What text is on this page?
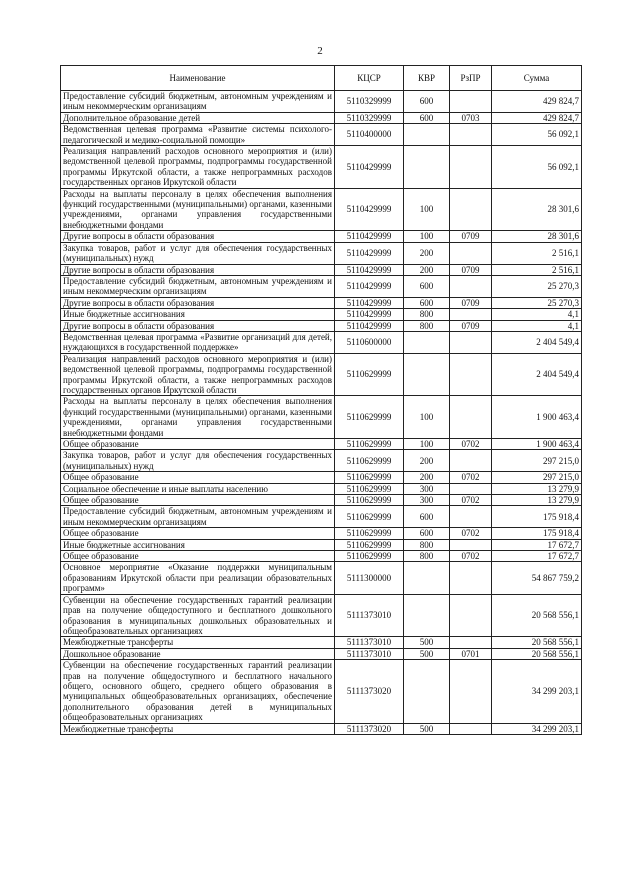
2
Наименование	КЦСР	КВР	РзПР	Сумма
Предоставление субсидий бюджетным, автономным учреждениям и иным некоммерческим организациям	5110329999	600		429 824,7
Дополнительное образование детей	5110329999	600	0703	429 824,7
Ведомственная целевая программа «Развитие системы психолого-педагогической и медико-социальной помощи»	5110400000			56 092,1
Реализация направлений расходов основного мероприятия и (или) ведомственной целевой программы, подпрограммы государственной программы Иркутской области, а также непрограммных расходов государственных органов Иркутской области	5110429999			56 092,1
Расходы на выплаты персоналу в целях обеспечения выполнения функций государственными (муниципальными) органами, казенными учреждениями, органами управления государственными внебюджетными фондами	5110429999	100		28 301,6
Другие вопросы в области образования	5110429999	100	0709	28 301,6
Закупка товаров, работ и услуг для обеспечения государственных (муниципальных) нужд	5110429999	200		2 516,1
Другие вопросы в области образования	5110429999	200	0709	2 516,1
Предоставление субсидий бюджетным, автономным учреждениям и иным некоммерческим организациям	5110429999	600		25 270,3
Другие вопросы в области образования	5110429999	600	0709	25 270,3
Иные бюджетные ассигнования	5110429999	800		4,1
Другие вопросы в области образования	5110429999	800	0709	4,1
Ведомственная целевая программа «Развитие организаций для детей, нуждающихся в государственной поддержке»	5110600000			2 404 549,4
Реализация направлений расходов основного мероприятия и (или) ведомственной целевой программы, подпрограммы государственной программы Иркутской области, а также непрограммных расходов государственных органов Иркутской области	5110629999			2 404 549,4
Расходы на выплаты персоналу в целях обеспечения выполнения функций государственными (муниципальными) органами, казенными учреждениями, органами управления государственными внебюджетными фондами	5110629999	100		1 900 463,4
Общее образование	5110629999	100	0702	1 900 463,4
Закупка товаров, работ и услуг для обеспечения государственных (муниципальных) нужд	5110629999	200		297 215,0
Общее образование	5110629999	200	0702	297 215,0
Социальное обеспечение и иные выплаты населению	5110629999	300		13 279,9
Общее образование	5110629999	300	0702	13 279,9
Предоставление субсидий бюджетным, автономным учреждениям и иным некоммерческим организациям	5110629999	600		175 918,4
Общее образование	5110629999	600	0702	175 918,4
Иные бюджетные ассигнования	5110629999	800		17 672,7
Общее образование	5110629999	800	0702	17 672,7
Основное мероприятие «Оказание поддержки муниципальным образованиям Иркутской области при реализации образовательных программ»	5111300000			54 867 759,2
Субвенции на обеспечение государственных гарантий реализации прав на получение общедоступного и бесплатного дошкольного образования в муниципальных дошкольных образовательных и общеобразовательных организациях	5111373010			20 568 556,1
Межбюджетные трансферты	5111373010	500		20 568 556,1
Дошкольное образование	5111373010	500	0701	20 568 556,1
Субвенции на обеспечение государственных гарантий реализации прав на получение общедоступного и бесплатного начального общего, основного общего, среднего общего образования в муниципальных общеобразовательных организациях, обеспечение дополнительного образования детей в муниципальных общеобразовательных организациях	5111373020			34 299 203,1
Межбюджетные трансферты	5111373020	500		34 299 203,1
